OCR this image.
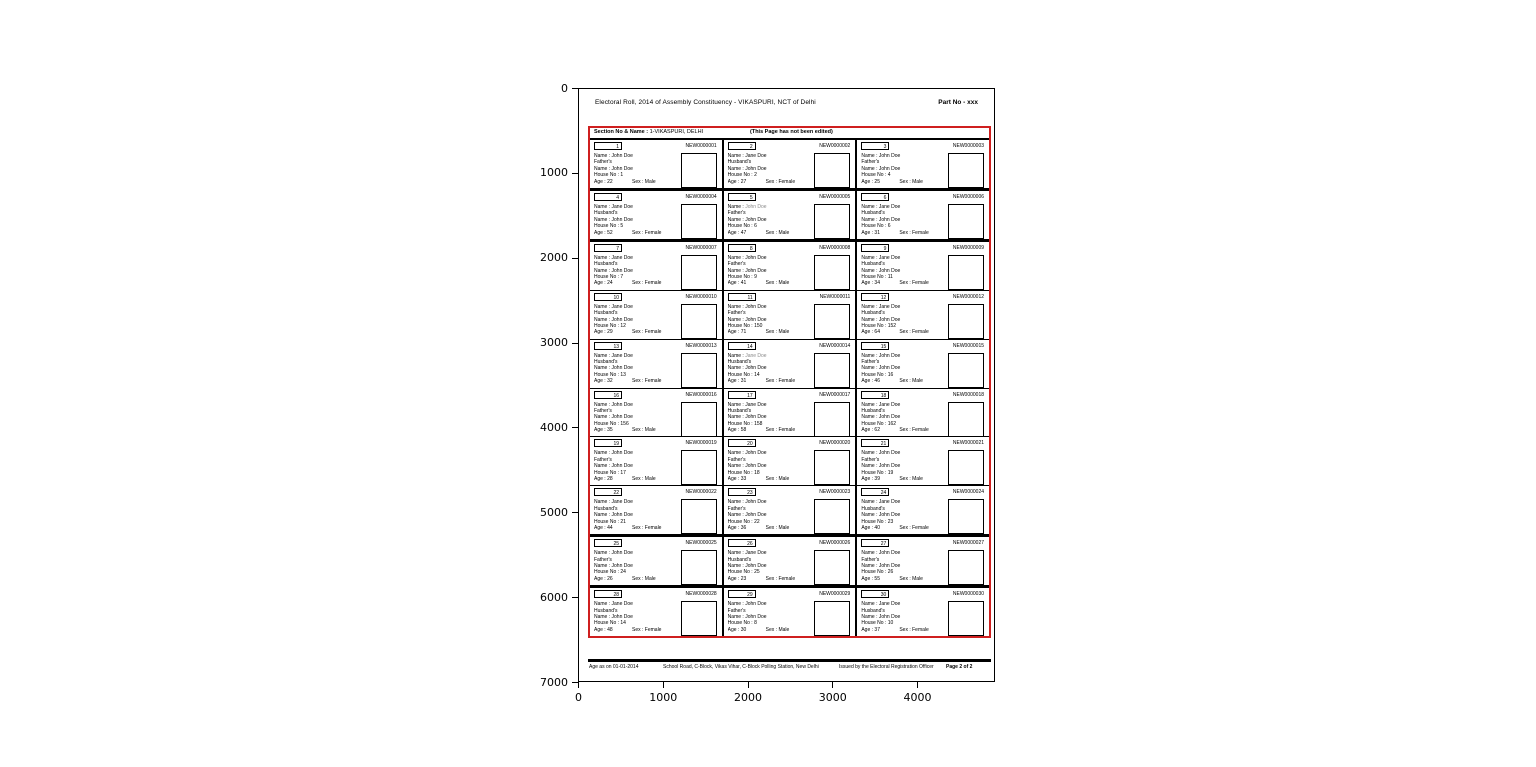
Electoral Roll, 2014 of Assembly Constituency - VIKASPURI, NCT of Delhi	Part No - xxx
Section No & Name : 1-VIKASPURI, DELHI	(This Page has not been edited)
1	NEW0000001
Name : John Doe
Father's
Name : John Doe
House No : 1
Age : 22	Sex : Male
2	NEW0000002
Name : Jane Doe
Husband's
Name : John Doe
House No : 2
Age : 27	Sex : Female
3	NEW0000003
Name : John Doe
Father's
Name : John Doe
House No : 4
Age : 25	Sex : Male
4	NEW0000004
Name : Jane Doe
Husband's
Name : John Doe
House No : 5
Age : 52	Sex : Female
5	NEW0000005
Name : John Doe
Father's
Name : John Doe
House No : 6
Age : 47	Sex : Male
6	NEW0000006
Name : Jane Doe
Husband's
Name : John Doe
House No : 6
Age : 31	Sex : Female
7	NEW0000007
Name : Jane Doe
Husband's
Name : John Doe
House No : 7
Age : 24	Sex : Female
8	NEW0000008
Name : John Doe
Father's
Name : John Doe
House No : 9
Age : 41	Sex : Male
9	NEW0000009
Name : Jane Doe
Husband's
Name : John Doe
House No : 11
Age : 34	Sex : Female
10	NEW0000010
Name : Jane Doe
Husband's
Name : John Doe
House No : 12
Age : 29	Sex : Female
11	NEW0000011
Name : John Doe
Father's
Name : John Doe
House No : 150
Age : 71	Sex : Male
12	NEW0000012
Name : Jane Doe
Husband's
Name : John Doe
House No : 152
Age : 64	Sex : Female
13	NEW0000013
Name : Jane Doe
Husband's
Name : John Doe
House No : 13
Age : 32	Sex : Female
14	NEW0000014
Name : Jane Doe
Husband's
Name : John Doe
House No : 14
Age : 31	Sex : Female
15	NEW0000015
Name : John Doe
Father's
Name : John Doe
House No : 16
Age : 46	Sex : Male
16	NEW0000016
Name : John Doe
Father's
Name : John Doe
House No : 156
Age : 35	Sex : Male
17	NEW0000017
Name : Jane Doe
Husband's
Name : John Doe
House No : 158
Age : 58	Sex : Female
18	NEW0000018
Name : Jane Doe
Husband's
Name : John Doe
House No : 162
Age : 62	Sex : Female
19	NEW0000019
Name : John Doe
Father's
Name : John Doe
House No : 17
Age : 28	Sex : Male
20	NEW0000020
Name : John Doe
Father's
Name : John Doe
House No : 18
Age : 33	Sex : Male
21	NEW0000021
Name : John Doe
Father's
Name : John Doe
House No : 19
Age : 39	Sex : Male
22	NEW0000022
Name : Jane Doe
Husband's
Name : John Doe
House No : 21
Age : 44	Sex : Female
23	NEW0000023
Name : John Doe
Father's
Name : John Doe
House No : 22
Age : 36	Sex : Male
24	NEW0000024
Name : Jane Doe
Husband's
Name : John Doe
House No : 23
Age : 40	Sex : Female
25	NEW0000025
Name : John Doe
Father's
Name : John Doe
House No : 24
Age : 26	Sex : Male
26	NEW0000026
Name : Jane Doe
Husband's
Name : John Doe
House No : 25
Age : 23	Sex : Female
27	NEW0000027
Name : John Doe
Father's
Name : John Doe
House No : 26
Age : 55	Sex : Male
28	NEW0000028
Name : Jane Doe
Husband's
Name : John Doe
House No : 14
Age : 48	Sex : Female
29	NEW0000029
Name : John Doe
Father's
Name : John Doe
House No : 8
Age : 30	Sex : Male
30	NEW0000030
Name : Jane Doe
Husband's
Name : John Doe
House No : 10
Age : 37	Sex : Female
Age as on 01-01-2014	School Road, C-Block, Vikas Vihar, C-Block Polling Station, New Delhi	Issued by the Electoral Registration Officer Page 2 of 2
0
1000
2000
3000
4000
5000
6000
7000
0	1000	2000	3000	4000
